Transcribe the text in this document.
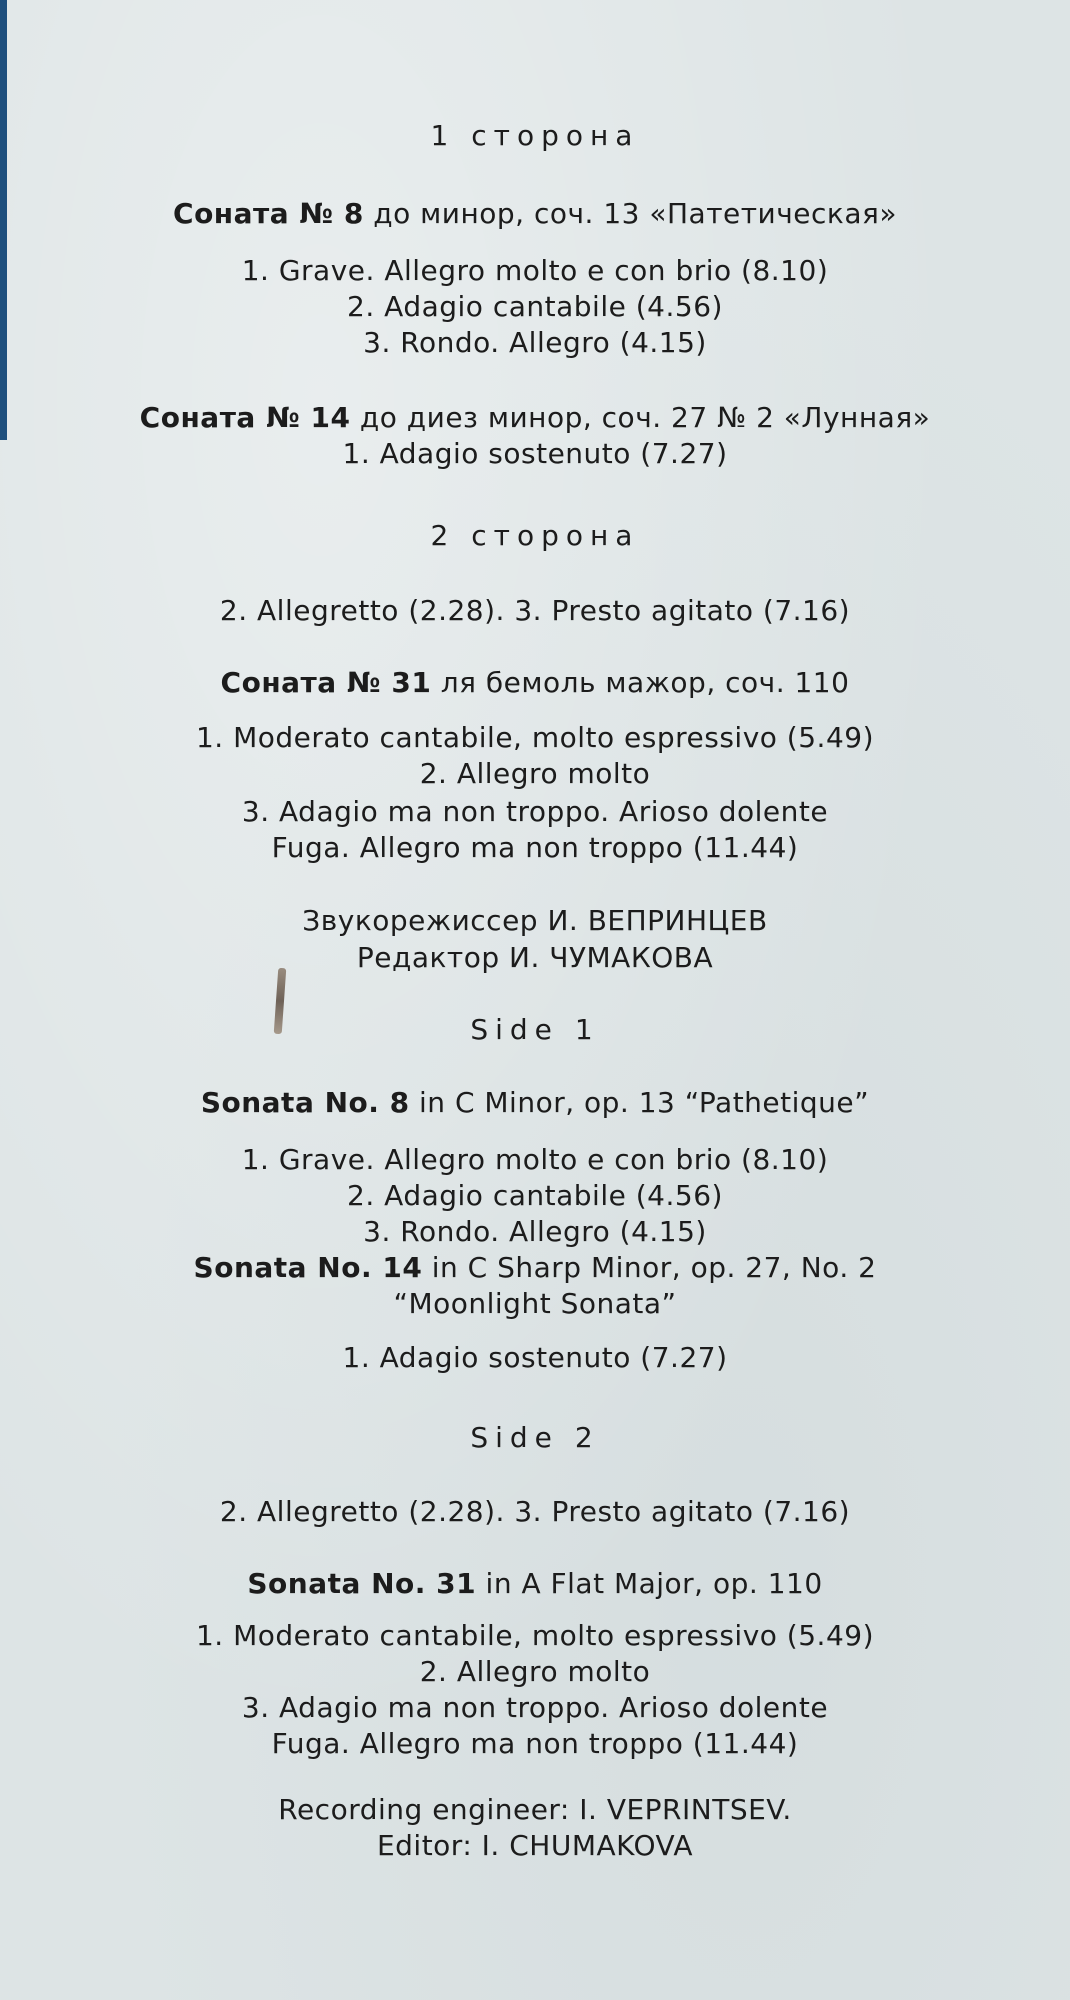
1 сторона

Соната № 8 до минор, соч. 13 «Патетическая»

1. Grave. Allegro molto e con brio (8.10)

2. Adagio cantabile (4.56)

3. Rondo. Allegro (4.15)

Соната № 14 до диез минор, соч. 27 № 2 «Лунная»

1. Adagio sostenuto (7.27)

2 сторона

2. Allegretto (2.28). 3. Presto agitato (7.16)

Соната № 31 ля бемоль мажор, соч. 110

1. Moderato cantabile, molto espressivo (5.49)

2. Allegro molto

3. Adagio ma non troppo. Arioso dolente

Fuga. Allegro ma non troppo (11.44)

Звукорежиссер И. ВЕПРИНЦЕВ

Редактор И. ЧУМАКОВА

Side 1

Sonata No. 8 in C Minor, op. 13 “Pathetique”

1. Grave. Allegro molto e con brio (8.10)

2. Adagio cantabile (4.56)

3. Rondo. Allegro (4.15)

Sonata No. 14 in C Sharp Minor, op. 27, No. 2

“Moonlight Sonata”

1. Adagio sostenuto (7.27)

Side 2

2. Allegretto (2.28). 3. Presto agitato (7.16)

Sonata No. 31 in A Flat Major, op. 110

1. Moderato cantabile, molto espressivo (5.49)

2. Allegro molto

3. Adagio ma non troppo. Arioso dolente

Fuga. Allegro ma non troppo (11.44)

Recording engineer: I. VEPRINTSEV.

Editor: I. CHUMAKOVA
